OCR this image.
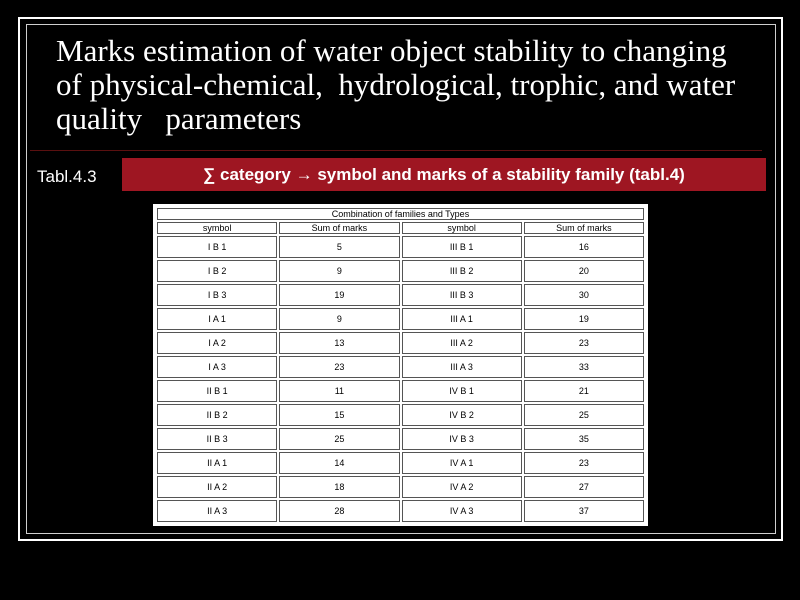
Marks estimation of water object stability to changing of physical-chemical,  hydrological, trophic, and water quality   parameters
Tabl.4.3	∑ category → symbol and marks of a stability family (tabl.4)
Combination of families and Types			
symbol	Sum of marks	symbol	Sum of marks
I B 1	5	III B 1	16
I B 2	9	III B 2	20
I B 3	19	III B 3	30
I A 1	9	III A 1	19
I A 2	13	III A 2	23
I A 3	23	III A 3	33
II B 1	11	IV B 1	21
II B 2	15	IV B 2	25
II B 3	25	IV B 3	35
II A 1	14	IV A 1	23
II A 2	18	IV A 2	27
II A 3	28	IV A 3	37
